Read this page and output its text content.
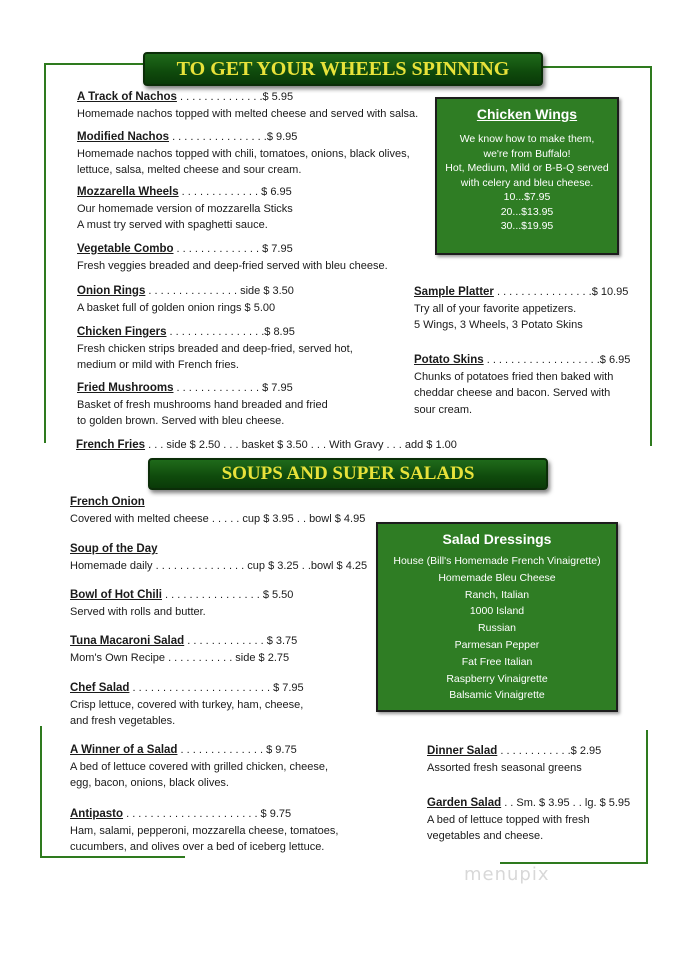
TO GET YOUR WHEELS SPINNING
SOUPS AND SUPER SALADS

A Track of Nachos . . . . . . . . . . . . . .$ 5.95

Homemade nachos topped with melted cheese and served with salsa.

Modified Nachos . . . . . . . . . . . . . . . .$ 9.95

Homemade nachos topped with chili, tomatoes, onions, black olives,

lettuce, salsa, melted cheese and sour cream.

Mozzarella Wheels . . . . . . . . . . . . . $ 6.95

Our homemade version of mozzarella Sticks

A must try served with spaghetti sauce.

Vegetable Combo . . . . . . . . . . . . . . $ 7.95

Fresh veggies breaded and deep-fried served with bleu cheese.

Onion Rings . . . . . . . . . . . . . . . side $ 3.50

A basket full of golden onion rings $ 5.00

Chicken Fingers . . . . . . . . . . . . . . . .$ 8.95

Fresh chicken strips breaded and deep-fried, served hot,

medium or mild with French fries.

Fried Mushrooms . . . . . . . . . . . . . . $ 7.95

Basket of fresh mushrooms hand breaded and fried

to golden brown. Served with bleu cheese.

French Fries . . . side $ 2.50 . . . basket $ 3.50 . . . With Gravy . . . add $ 1.00
Chicken Wings

We know how to make them,

we're from Buffalo!

Hot, Medium, Mild or B-B-Q served

with celery and bleu cheese.

10...$7.95

20...$13.95

30...$19.95

Sample Platter . . . . . . . . . . . . . . . .$ 10.95

Try all of your favorite appetizers.

5 Wings, 3 Wheels, 3 Potato Skins

Potato Skins . . . . . . . . . . . . . . . . . . .$ 6.95

Chunks of potatoes fried then baked with

cheddar cheese and bacon. Served with

sour cream.

French Onion

Covered with melted cheese . . . . . cup $ 3.95 . . bowl $ 4.95

Soup of the Day

Homemade daily . . . . . . . . . . . . . . . cup $ 3.25 . .bowl $ 4.25

Bowl of Hot Chili . . . . . . . . . . . . . . . . $ 5.50

Served with rolls and butter.

Tuna Macaroni Salad . . . . . . . . . . . . . $ 3.75

Mom's Own Recipe . . . . . . . . . . . side $ 2.75

Chef Salad . . . . . . . . . . . . . . . . . . . . . . . $ 7.95

Crisp lettuce, covered with turkey, ham, cheese,

and fresh vegetables.

A Winner of a Salad . . . . . . . . . . . . . . $ 9.75

A bed of lettuce covered with grilled chicken, cheese,

egg, bacon, onions, black olives.

Antipasto . . . . . . . . . . . . . . . . . . . . . . $ 9.75

Ham, salami, pepperoni, mozzarella cheese, tomatoes,

cucumbers, and olives over a bed of iceberg lettuce.

Salad Dressings

House (Bill's Homemade French Vinaigrette)

Homemade Bleu Cheese

Ranch, Italian

1000 Island

Russian

Parmesan Pepper

Fat Free Italian

Raspberry Vinaigrette

Balsamic Vinaigrette

Dinner Salad . . . . . . . . . . . .$ 2.95

Assorted fresh seasonal greens

Garden Salad . . Sm. $ 3.95 . . lg. $ 5.95

A bed of lettuce topped with fresh

vegetables and cheese.

menupix
